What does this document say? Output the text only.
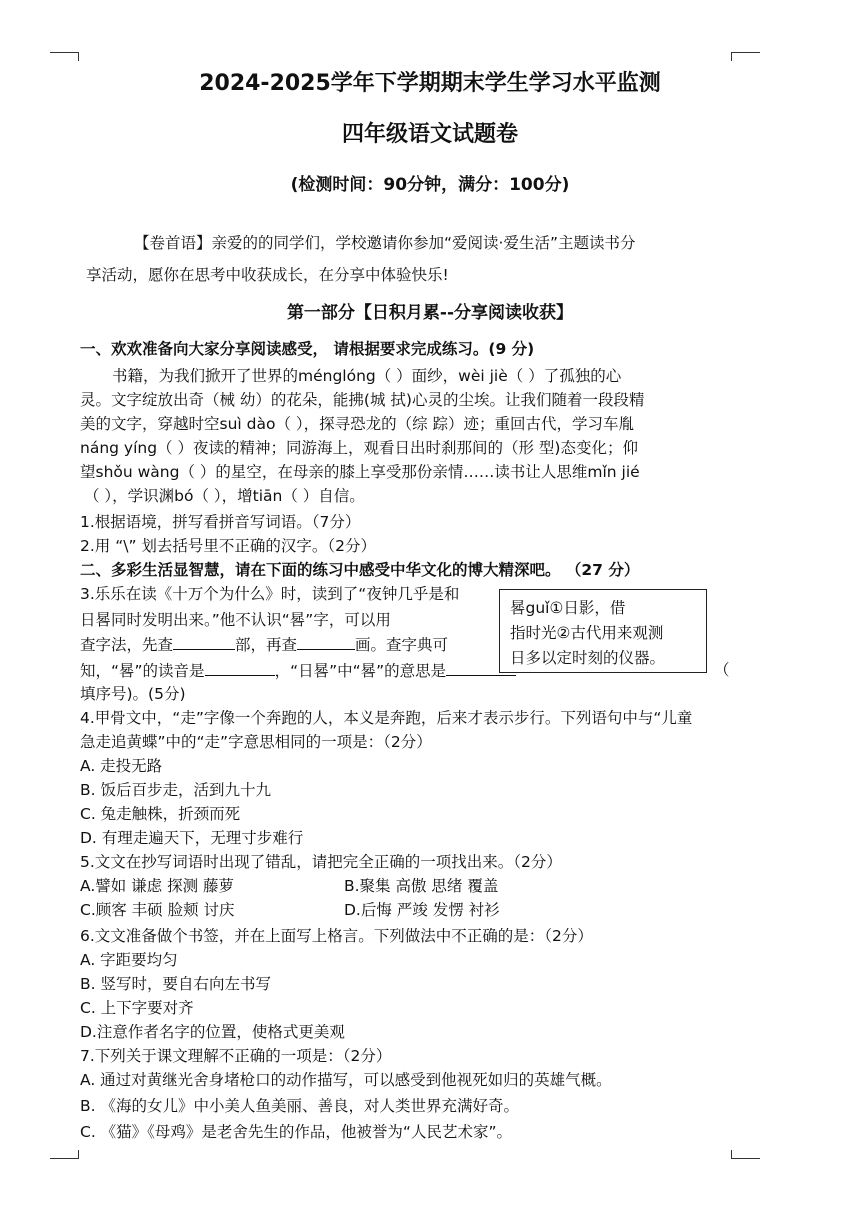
2024-2025学年下学期期末学生学习水平监测
四年级语文试题卷
(检测时间：90分钟，满分：100分)
【卷首语】亲爱的的同学们，学校邀请你参加“爱阅读·爱生活”主题读书分
享活动，愿你在思考中收获成长，在分享中体验快乐!
第一部分【日积月累--分享阅读收获】
一、欢欢准备向大家分享阅读感受， 请根据要求完成练习。(9 分)
书籍，为我们掀开了世界的ménglóng（ ）面纱，wèi jiè（ ）了孤独的心
灵。文字绽放出奇（械 幼）的花朵，能拂(城 拭)心灵的尘埃。让我们随着一段段精
美的文字，穿越时空suì dào（ ），探寻恐龙的（综 踪）迹；重回古代，学习车胤
náng yíng（ ）夜读的精神；同游海上，观看日出时刹那间的（形 型)态变化；仰
望shǒu wàng（ ）的星空，在母亲的膝上享受那份亲情……读书让人思维mǐn jié
（ ），学识渊bó（ ），增tiān（ ）自信。
1.根据语境，拼写看拼音写词语。（7分）
2.用 “\” 划去括号里不正确的汉字。（2分）
二、多彩生活显智慧，请在下面的练习中感受中华文化的博大精深吧。 （27 分）
3.乐乐在读《十万个为什么》时，读到了“夜钟几乎是和
日晷同时发明出来。”他不认识“晷”字，可以用
查字法，先查	部，再查	画。查字典可
知，“晷”的读音是	，“日晷”中“晷”的意思是	（
填序号)。(5分)
晷guǐ①日影，借
指时光②古代用来观测
日多以定时刻的仪器。
4.甲骨文中，“走”字像一个奔跑的人，本义是奔跑，后来才表示步行。下列语句中与“儿童
急走追黄蝶”中的“走”字意思相同的一项是：（2分）
A. 走投无路
B. 饭后百步走，活到九十九
C. 兔走触株，折颈而死
D. 有理走遍天下，无理寸步难行
5.文文在抄写词语时出现了错乱，请把完全正确的一项找出来。（2分）
A.譬如 谦虑 探测 藤萝	B.聚集 高傲 思绪 覆盖
C.顾客 丰硕 脸颊 讨庆	D.后悔 严竣 发愣 衬衫
6.文文准备做个书签，并在上面写上格言。下列做法中不正确的是：（2分）
A. 字距要均匀
B. 竖写时，要自右向左书写
C. 上下字要对齐
D.注意作者名字的位置，使格式更美观
7.下列关于课文理解不正确的一项是：（2分）
A. 通过对黄继光舍身堵枪口的动作描写，可以感受到他视死如归的英雄气概。
B. 《海的女儿》中小美人鱼美丽、善良，对人类世界充满好奇。
C. 《猫》《母鸡》是老舍先生的作品，他被誉为“人民艺术家”。
